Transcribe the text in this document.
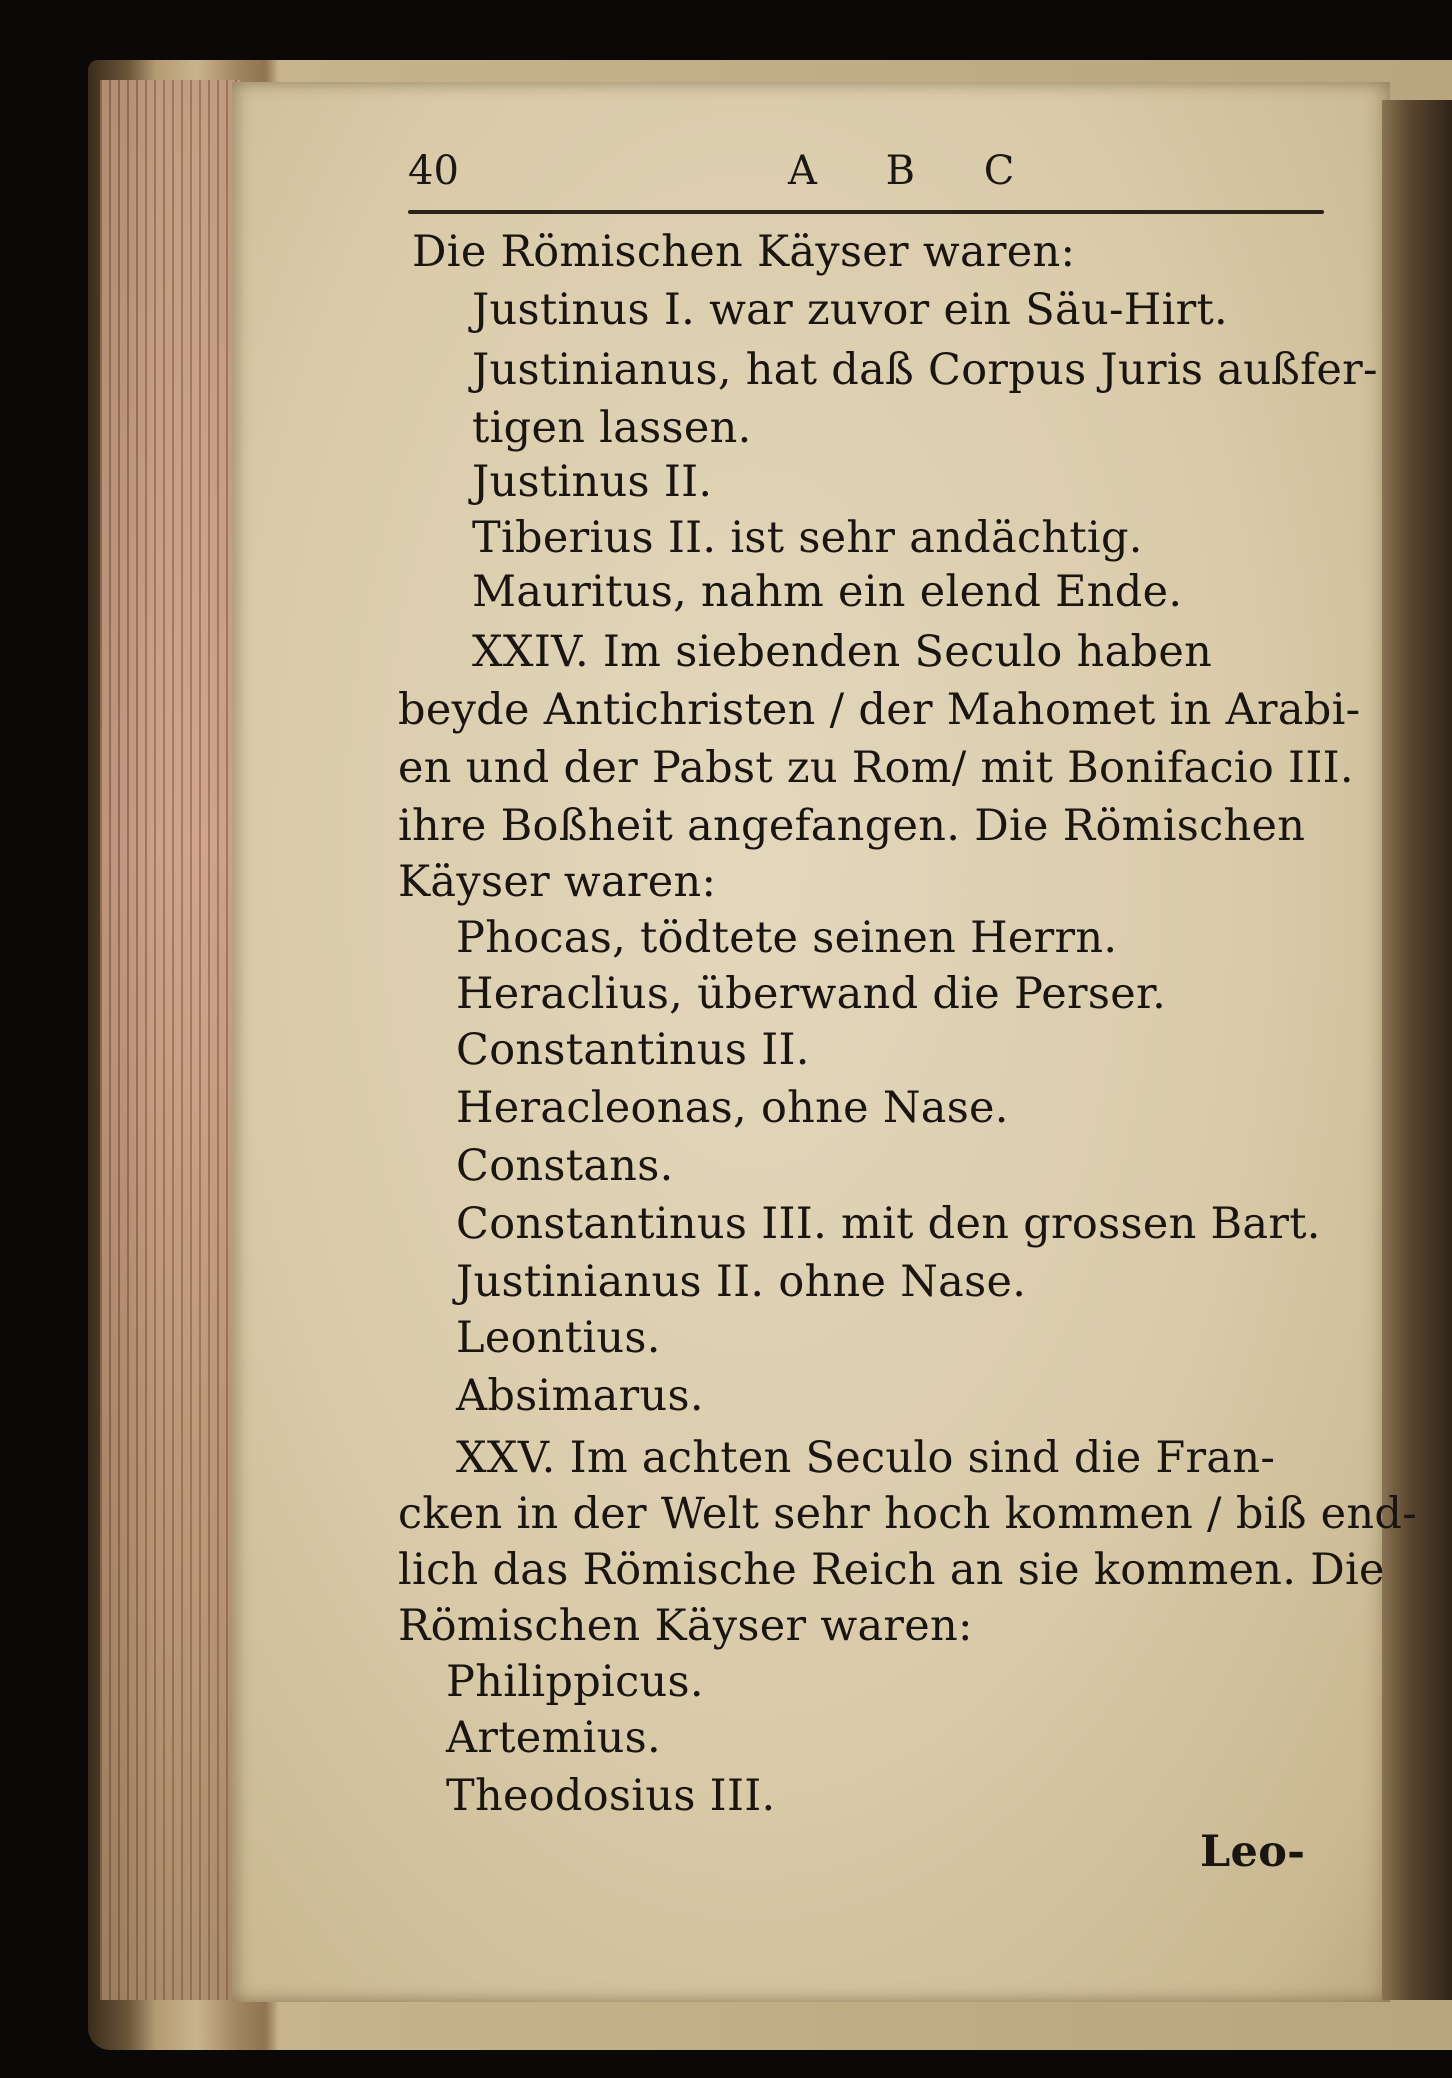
40	A B C
Die Römischen Käyser waren:
Justinus I. war zuvor ein Säu-Hirt.
Justinianus, hat daß Corpus Juris außfer-
tigen lassen.
Justinus II.
Tiberius II. ist sehr andächtig.
Mauritus, nahm ein elend Ende.
XXIV. Im siebenden Seculo haben
beyde Antichristen / der Mahomet in Arabi-
en und der Pabst zu Rom/ mit Bonifacio III.
ihre Boßheit angefangen. Die Römischen
Käyser waren:
Phocas, tödtete seinen Herrn.
Heraclius, überwand die Perser.
Constantinus II.
Heracleonas, ohne Nase.
Constans.
Constantinus III. mit den grossen Bart.
Justinianus II. ohne Nase.
Leontius.
Absimarus.
XXV. Im achten Seculo sind die Fran-
cken in der Welt sehr hoch kommen / biß end-
lich das Römische Reich an sie kommen. Die
Römischen Käyser waren:
Philippicus.
Artemius.
Theodosius III.
Leo-
